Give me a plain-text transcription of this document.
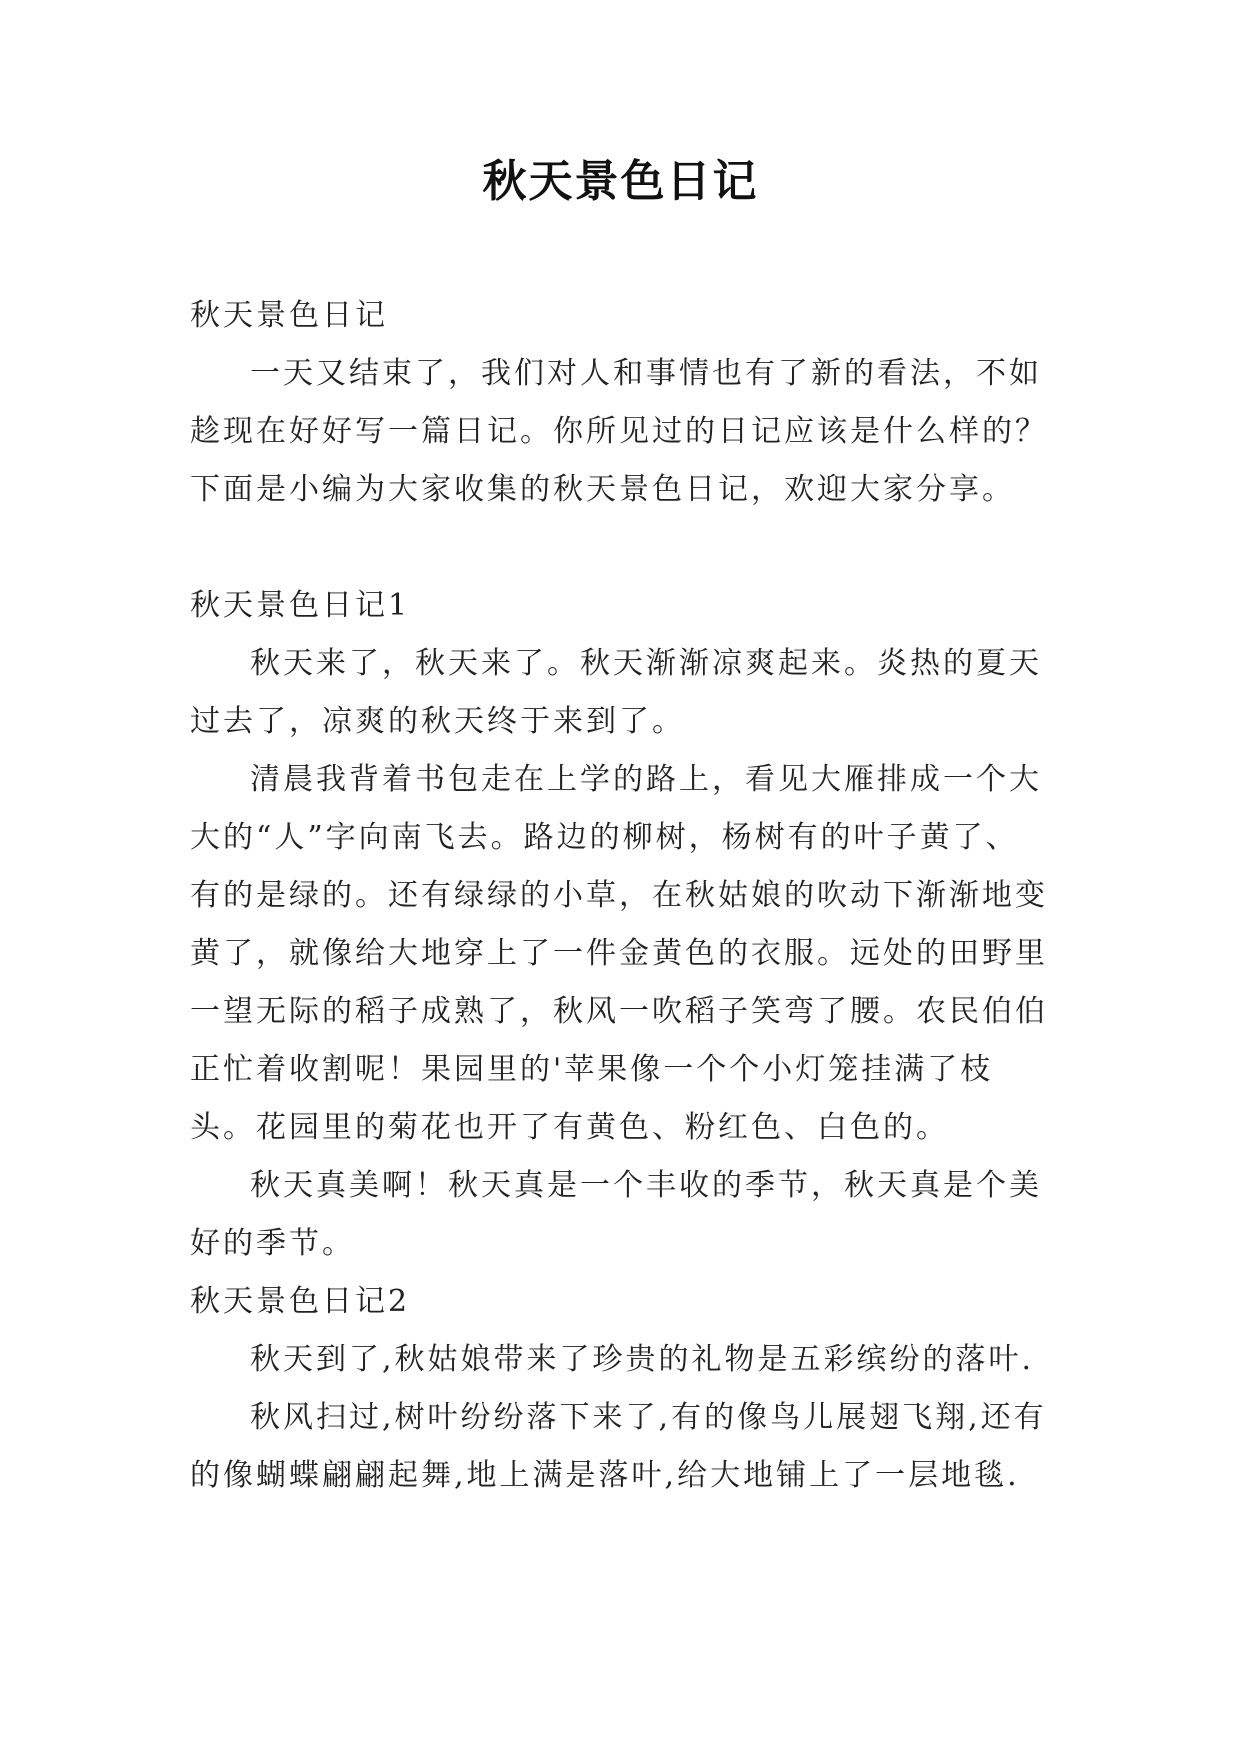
秋天景色日记

秋天景色日记

一天又结束了，我们对人和事情也有了新的看法，不如趁现在好好写一篇日记。你所见过的日记应该是什么样的？下面是小编为大家收集的秋天景色日记，欢迎大家分享。

秋天景色日记1

秋天来了，秋天来了。秋天渐渐凉爽起来。炎热的夏天过去了，凉爽的秋天终于来到了。

清晨我背着书包走在上学的路上，看见大雁排成一个大大的“人”字向南飞去。路边的柳树，杨树有的叶子黄了、有的是绿的。还有绿绿的小草，在秋姑娘的吹动下渐渐地变黄了，就像给大地穿上了一件金黄色的衣服。远处的田野里一望无际的稻子成熟了，秋风一吹稻子笑弯了腰。农民伯伯正忙着收割呢！果园里的'苹果像一个个小灯笼挂满了枝头。花园里的菊花也开了有黄色、粉红色、白色的。

秋天真美啊！秋天真是一个丰收的季节，秋天真是个美好的季节。

秋天景色日记2

秋天到了,秋姑娘带来了珍贵的礼物是五彩缤纷的落叶.

秋风扫过,树叶纷纷落下来了,有的像鸟儿展翅飞翔,还有的像蝴蝶翩翩起舞,地上满是落叶,给大地铺上了一层地毯.
